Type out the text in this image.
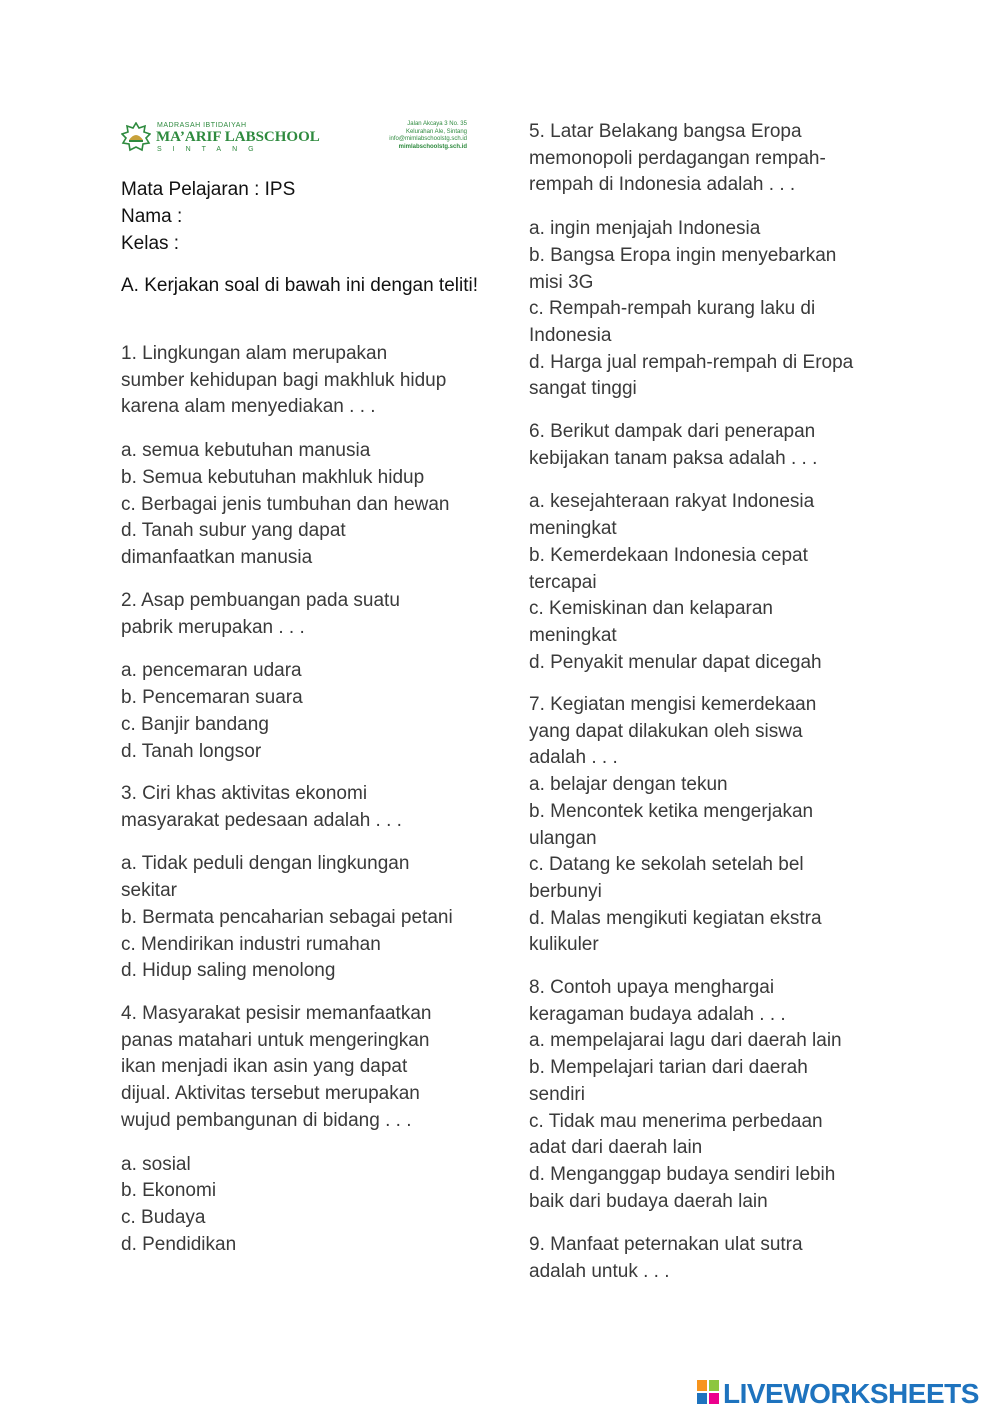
MADRASAH IBTIDAIYAH
MA’ARIF LABSCHOOL
SINTANG
Jalan Akcaya 3 No. 35
Kelurahan Ale, Sintang
info@mimlabschoolstg.sch.id
mimlabschoolstg.sch.id
Mata Pelajaran : IPS
Nama :
Kelas :
A. Kerjakan soal di bawah ini dengan teliti!

1. Lingkungan alam merupakan
sumber kehidupan bagi makhluk hidup
karena alam menyediakan . . .

a. semua kebutuhan manusia
b. Semua kebutuhan makhluk hidup
c. Berbagai jenis tumbuhan dan hewan
d. Tanah subur yang dapat
dimanfaatkan manusia

2. Asap pembuangan pada suatu
pabrik merupakan . . .

a. pencemaran udara
b. Pencemaran suara
c. Banjir bandang
d. Tanah longsor

3. Ciri khas aktivitas ekonomi
masyarakat pedesaan adalah . . .

a. Tidak peduli dengan lingkungan
sekitar
b. Bermata pencaharian sebagai petani
c. Mendirikan industri rumahan
d. Hidup saling menolong

4. Masyarakat pesisir memanfaatkan
panas matahari untuk mengeringkan
ikan menjadi ikan asin yang dapat
dijual. Aktivitas tersebut merupakan
wujud pembangunan di bidang . . .

a. sosial
b. Ekonomi
c. Budaya
d. Pendidikan

5. Latar Belakang bangsa Eropa
memonopoli perdagangan rempah-
rempah di Indonesia adalah . . .

a. ingin menjajah Indonesia
b. Bangsa Eropa ingin menyebarkan
misi 3G
c. Rempah-rempah kurang laku di
Indonesia
d. Harga jual rempah-rempah di Eropa
sangat tinggi

6. Berikut dampak dari penerapan
kebijakan tanam paksa adalah . . .

a. kesejahteraan rakyat Indonesia
meningkat
b. Kemerdekaan Indonesia cepat
tercapai
c. Kemiskinan dan kelaparan
meningkat
d. Penyakit menular dapat dicegah

7. Kegiatan mengisi kemerdekaan
yang dapat dilakukan oleh siswa
adalah . . .

a. belajar dengan tekun
b. Mencontek ketika mengerjakan
ulangan
c. Datang ke sekolah setelah bel
berbunyi
d. Malas mengikuti kegiatan ekstra
kulikuler

8. Contoh upaya menghargai
keragaman budaya adalah . . .

a. mempelajarai lagu dari daerah lain
b. Mempelajari tarian dari daerah
sendiri
c. Tidak mau menerima perbedaan
adat dari daerah lain
d. Menganggap budaya sendiri lebih
baik dari budaya daerah lain

9. Manfaat peternakan ulat sutra
adalah untuk . . .

LIVEWORKSHEETS
